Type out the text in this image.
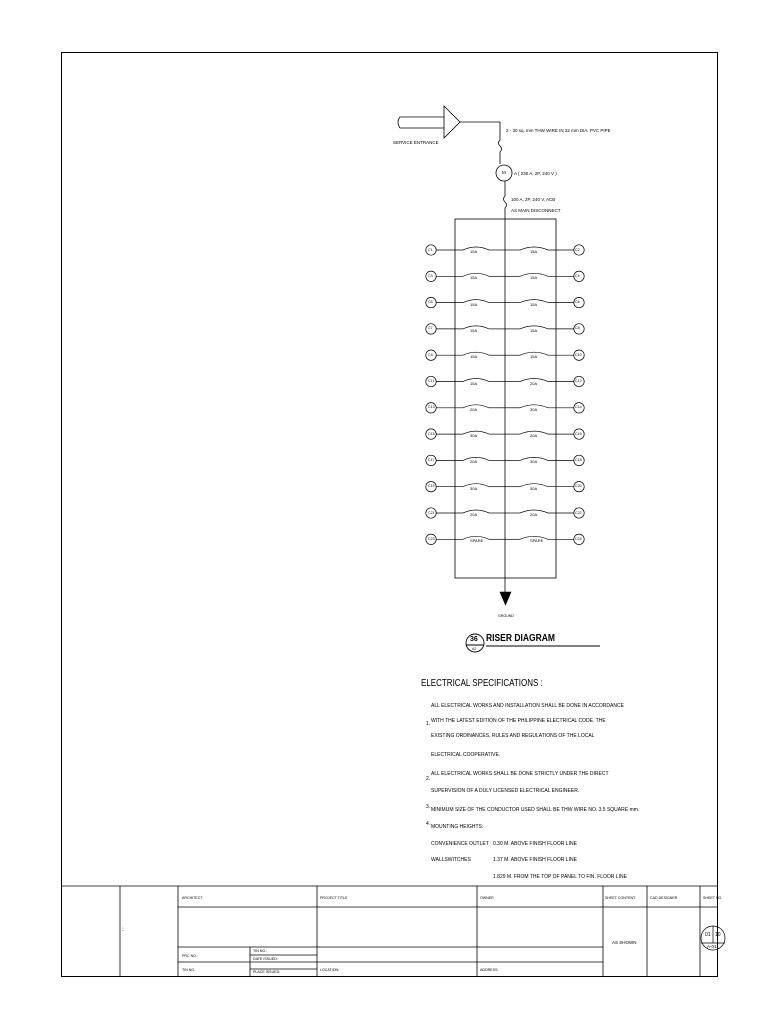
:
2 - 30 sq. mm THW WIRE IN 32 mm DIA. PVC PIPE
SERVICE ENTRANCE
M A ( 230 A, 2P, 240 V )
100 A, 2P, 240 V, ACB
AS MAIN DISCONNECT
GROUND
C1	C2
15A	15A
C3	C4
15A	15A
C5	C6
15A	15A
C7	C8
15A	15A
C9	C10
15A	15A
C11	C12
15A	20A
C13	C14
20A	30A
C15	C16
30A	20A
C17	C18
20A	30A
C19	C20
30A	30A
C21	C22
20A	20A
C23	C24
SPARE	SPARE
36
A2
RISER DIAGRAM
ELECTRICAL SPECIFICATIONS :
1.
ALL ELECTRICAL WORKS AND INSTALLATION SHALL BE DONE IN ACCORDANCE
WITH THE LATEST EDITION OF THE PHILIPPINE ELECTRICAL CODE. THE
EXISTING ORDINANCES, RULES AND REGULATIONS OF THE LOCAL
ELECTRICAL COOPERATIVE.
2.
ALL ELECTRICAL WORKS SHALL BE DONE STRICTLY UNDER THE DIRECT
SUPERVISION OF A DULY LICENSED ELECTRICAL ENGINEER.
3. MINIMUM SIZE OF THE CONDUCTOR USED SHALL BE THW WIRE NO. 3.5 SQUARE mm.
4. MOUNTING HEIGHTS:
CONVENIENCE OUTLET 0.30 M. ABOVE FINISH FLOOR LINE
WALLSWITCHES	1.37 M. ABOVE FINISH FLOOR LINE
1.829 M. FROM THE TOP OF PANEL TO FIN. FLOOR LINE
ARCHITECT	PROJECT TITLE	OWNER	SHEET CONTENT	CAD DESIGNER	SHEET NO.
PRC NO.:
TIN NO.:
DATE ISSUED:
TIN NO.	PLACE ISSUED:	LOCATION:	ADDRESS:
AS SHOWN
01 10
A-01
